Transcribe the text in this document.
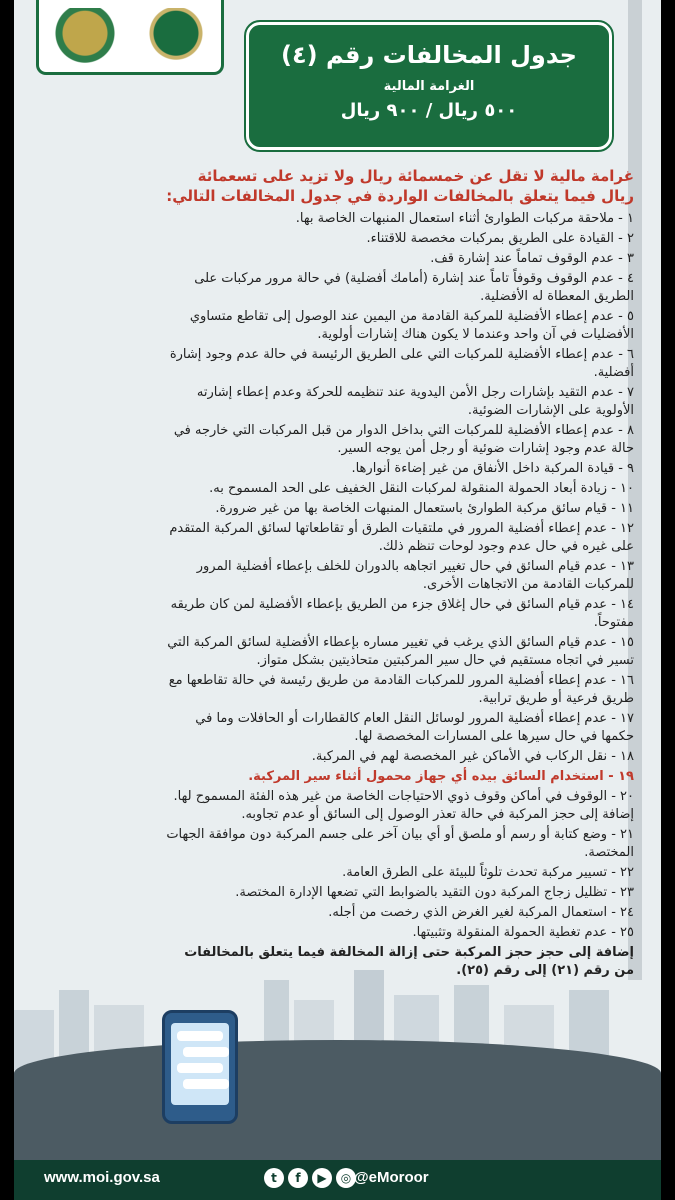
جدول المخالفات رقم (٤)
الغرامة المالية
٥٠٠ ريال / ٩٠٠ ريال
غرامة مالية لا تقل عن خمسمائة ريال ولا تزيد على تسعمائة ريال فيما يتعلق بالمخالفات الواردة في جدول المخالفات التالي:
١ - ملاحقة مركبات الطوارئ أثناء استعمال المنبهات الخاصة بها.
٢ - القيادة على الطريق بمركبات مخصصة للاقتناء.
٣ - عدم الوقوف تماماً عند إشارة قف.
٤ - عدم الوقوف وقوفاً تاماً عند إشارة (أمامك أفضلية) في حالة مرور مركبات على الطريق المعطاة له الأفضلية.
٥ - عدم إعطاء الأفضلية للمركبة القادمة من اليمين عند الوصول إلى تقاطع متساوي الأفضليات في آن واحد وعندما لا يكون هناك إشارات أولوية.
٦ - عدم إعطاء الأفضلية للمركبات التي على الطريق الرئيسة في حالة عدم وجود إشارة أفضلية.
٧ - عدم التقيد بإشارات رجل الأمن اليدوية عند تنظيمه للحركة وعدم إعطاء إشارته الأولوية على الإشارات الضوئية.
٨ - عدم إعطاء الأفضلية للمركبات التي بداخل الدوار من قبل المركبات التي خارجه في حالة عدم وجود إشارات ضوئية أو رجل أمن يوجه السير.
٩ - قيادة المركبة داخل الأنفاق من غير إضاءة أنوارها.
١٠ - زيادة أبعاد الحمولة المنقولة لمركبات النقل الخفيف على الحد المسموح به.
١١ - قيام سائق مركبة الطوارئ باستعمال المنبهات الخاصة بها من غير ضرورة.
١٢ - عدم إعطاء أفضلية المرور في ملتقيات الطرق أو تقاطعاتها لسائق المركبة المتقدم على غيره في حال عدم وجود لوحات تنظم ذلك.
١٣ - عدم قيام السائق في حال تغيير اتجاهه بالدوران للخلف بإعطاء أفضلية المرور للمركبات القادمة من الاتجاهات الأخرى.
١٤ - عدم قيام السائق في حال إغلاق جزء من الطريق بإعطاء الأفضلية لمن كان طريقه مفتوحاً.
١٥ - عدم قيام السائق الذي يرغب في تغيير مساره بإعطاء الأفضلية لسائق المركبة التي تسير في اتجاه مستقيم في حال سير المركبتين متحاذيتين بشكل متواز.
١٦ - عدم إعطاء أفضلية المرور للمركبات القادمة من طريق رئيسة في حالة تقاطعها مع طريق فرعية أو طريق ترابية.
١٧ - عدم إعطاء أفضلية المرور لوسائل النقل العام كالقطارات أو الحافلات وما في حكمها في حال سيرها على المسارات المخصصة لها.
١٨ - نقل الركاب في الأماكن غير المخصصة لهم في المركبة.
١٩ - استخدام السائق بيده أي جهاز محمول أثناء سير المركبة.
٢٠ - الوقوف في أماكن وقوف ذوي الاحتياجات الخاصة من غير هذه الفئة المسموح لها. إضافة إلى حجز المركبة في حالة تعذر الوصول إلى السائق أو عدم تجاوبه.
٢١ - وضع كتابة أو رسم أو ملصق أو أي بيان آخر على جسم المركبة دون موافقة الجهات المختصة.
٢٢ - تسيير مركبة تحدث تلوثاً للبيئة على الطرق العامة.
٢٣ - تظليل زجاج المركبة دون التقيد بالضوابط التي تضعها الإدارة المختصة.
٢٤ - استعمال المركبة لغير الغرض الذي رخصت من أجله.
٢٥ - عدم تغطية الحمولة المنقولة وتثبيتها.
إضافة إلى حجز حجز المركبة حتى إزالة المخالفة فيما يتعلق بالمخالفات من رقم (٢١) إلى رقم (٢٥).
www.moi.gov.sa	t	f	▶	◎ @eMoroor
